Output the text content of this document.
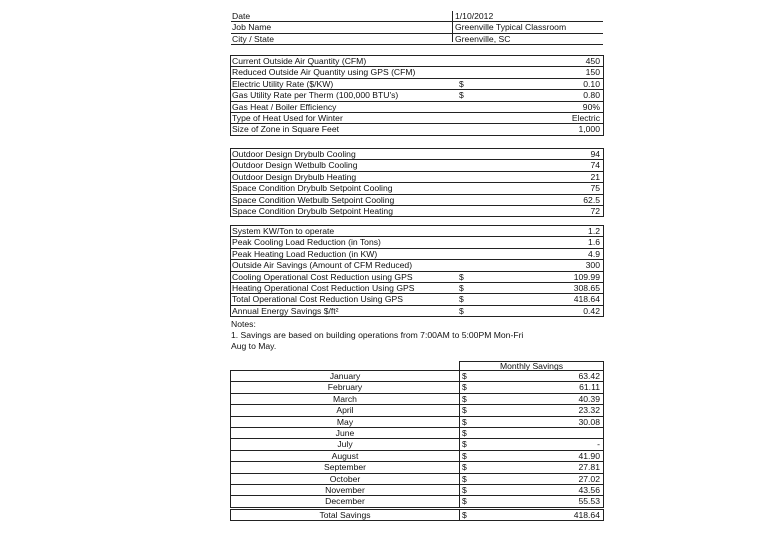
Date	1/10/2012
Job Name	Greenville Typical Classroom
City / State	Greenville, SC
Current Outside Air Quantity (CFM)	450
Reduced Outside Air Quantity using GPS (CFM)	150
Electric Utility Rate ($/KW)	$	0.10
Gas Utility Rate per Therm (100,000 BTU's)	$	0.80
Gas Heat / Boiler Efficiency	90%
Type of Heat Used for Winter	Electric
Size of Zone in Square Feet	1,000
Outdoor Design Drybulb Cooling	94
Outdoor Design Wetbulb Cooling	74
Outdoor Design Drybulb Heating	21
Space Condition Drybulb Setpoint Cooling	75
Space Condition Wetbulb Setpoint Cooling	62.5
Space Condition Drybulb Setpoint Heating	72
System KW/Ton to operate	1.2
Peak Cooling Load Reduction (in Tons)	1.6
Peak Heating Load Reduction (in KW)	4.9
Outside Air Savings (Amount of CFM Reduced)	300
Cooling Operational Cost Reduction using GPS	$	109.99
Heating Operational Cost Reduction Using GPS	$	308.65
Total Operational Cost Reduction Using GPS	$	418.64
Annual Energy Savings $/ft²	$	0.42
Notes:
1. Savings are based on building operations from 7:00AM to 5:00PM Mon-Fri
Aug to May.
Monthly Savings
January	$	63.42
February	$	61.11
March	$	40.39
April	$	23.32
May	$	30.08
June	$
July	$	-
August	$	41.90
September	$	27.81
October	$	27.02
November	$	43.56
December	$	55.53
Total Savings	$	418.64
